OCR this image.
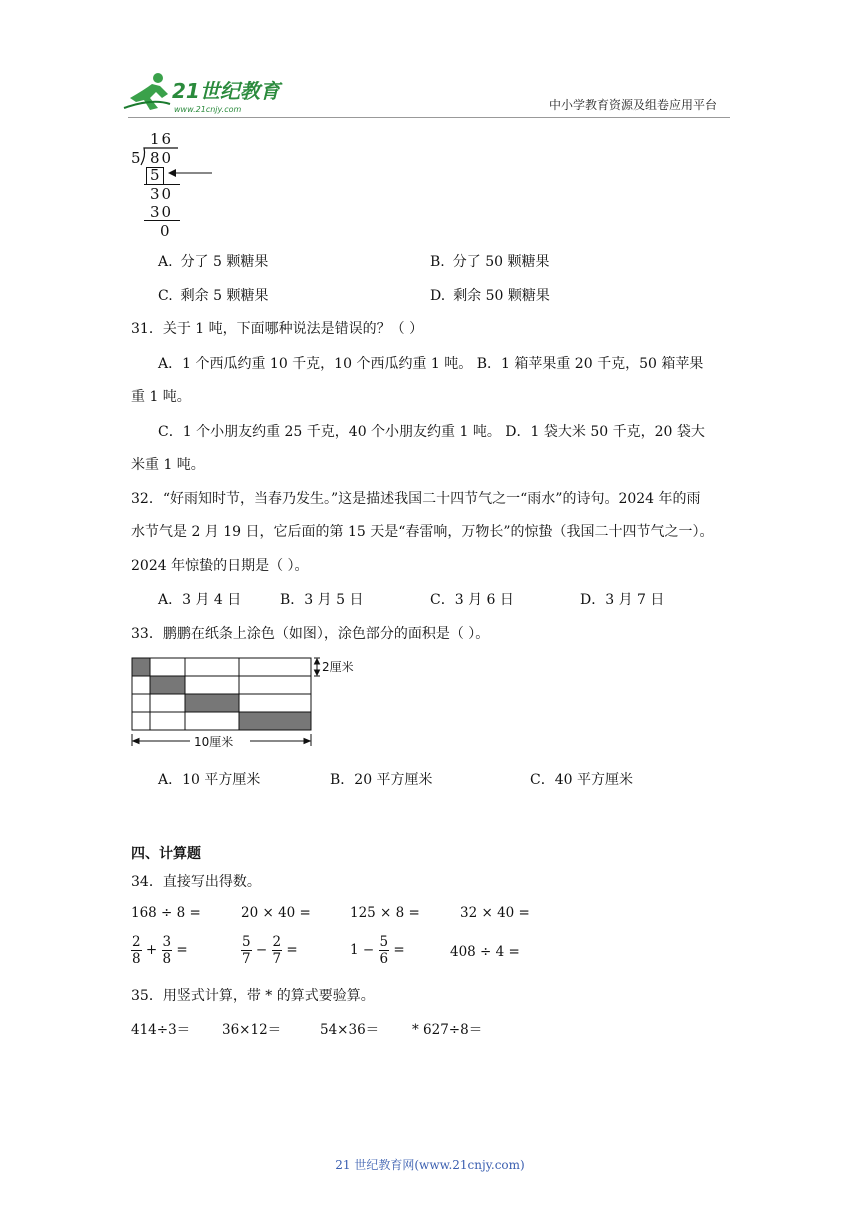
21世纪教育
www.21cnjy.com	中小学教育资源及组卷应用平台
16
5 80
5
30
30
0
A. 分了 5 颗糖果	B. 分了 50 颗糖果
C. 剩余 5 颗糖果	D. 剩余 50 颗糖果
31．关于 1 吨，下面哪种说法是错误的？（ ）
A．1 个西瓜约重 10 千克，10 个西瓜约重 1 吨。 B．1 箱苹果重 20 千克，50 箱苹果
重 1 吨。
C．1 个小朋友约重 25 千克，40 个小朋友约重 1 吨。 D．1 袋大米 50 千克，20 袋大
米重 1 吨。
32．“好雨知时节，当春乃发生。”这是描述我国二十四节气之一“雨水”的诗句。2024 年的雨
水节气是 2 月 19 日，它后面的第 15 天是“春雷响，万物长”的惊蛰（我国二十四节气之一）。
2024 年惊蛰的日期是（ ）。
A．3 月 4 日	B．3 月 5 日	C．3 月 6 日	D．3 月 7 日
33．鹏鹏在纸条上涂色（如图），涂色部分的面积是（ ）。
2厘米
10厘米
A．10 平方厘米	B．20 平方厘米	C．40 平方厘米
四、计算题
34．直接写出得数。
168 ÷ 8 =	20 × 40 =	125 × 8 =	32 × 40 =
$\frac{2}{8} + \frac{3}{8}$ =	$\frac{5}{7} - \frac{2}{7}$ =	$1 - \frac{5}{6}$ =	408 ÷ 4 =
35．用竖式计算，带 * 的算式要验算。
414÷3＝ 36×12＝	54×36＝ * 627÷8＝
21 世纪教育网(www.21cnjy.com)
